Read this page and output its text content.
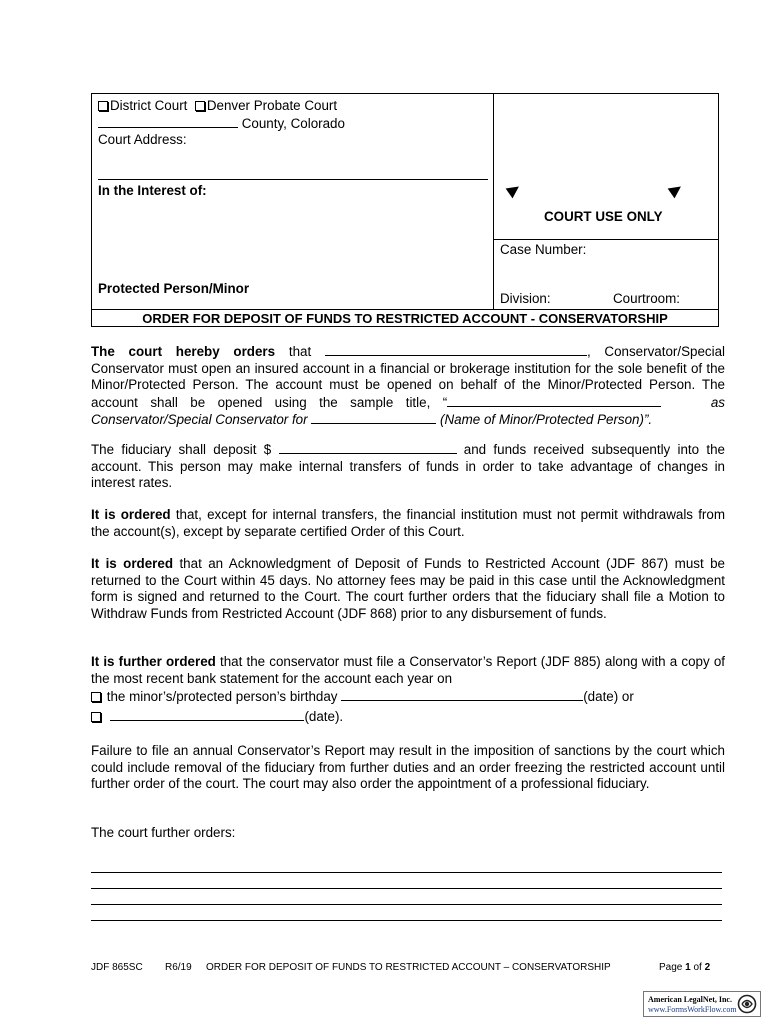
District Court Denver Probate Court
County, Colorado
Court Address:
In the Interest of:
Protected Person/Minor
COURT USE ONLY
Case Number:
Division:	Courtroom:
ORDER FOR DEPOSIT OF FUNDS TO RESTRICTED ACCOUNT - CONSERVATORSHIP
The court hereby orders that	, Conservator/Special Conservator must open an insured account in a financial or brokerage institution for the sole benefit of the Minor/Protected Person. The account must be opened on behalf of the Minor/Protected Person. The account shall be opened using the sample title, “	as Conservator/Special Conservator for	(Name of Minor/Protected Person)”.
The fiduciary shall deposit $	and funds received subsequently into the account. This person may make internal transfers of funds in order to take advantage of changes in interest rates.
It is ordered that, except for internal transfers, the financial institution must not permit withdrawals from the account(s), except by separate certified Order of this Court.
It is ordered that an Acknowledgment of Deposit of Funds to Restricted Account (JDF 867) must be returned to the Court within 45 days. No attorney fees may be paid in this case until the Acknowledgment form is signed and returned to the Court. The court further orders that the fiduciary shall file a Motion to Withdraw Funds from Restricted Account (JDF 868) prior to any disbursement of funds.
It is further ordered that the conservator must file a Conservator’s Report (JDF 885) along with a copy of the most recent bank statement for the account each year on
the minor’s/protected person’s birthday	(date) or
(date).
Failure to file an annual Conservator’s Report may result in the imposition of sanctions by the court which could include removal of the fiduciary from further duties and an order freezing the restricted account until further order of the court. The court may also order the appointment of a professional fiduciary.
The court further orders:
JDF 865SC R6/19 ORDER FOR DEPOSIT OF FUNDS TO RESTRICTED ACCOUNT – CONSERVATORSHIP	Page 1 of 2
American LegalNet, Inc.
www.FormsWorkFlow.com
